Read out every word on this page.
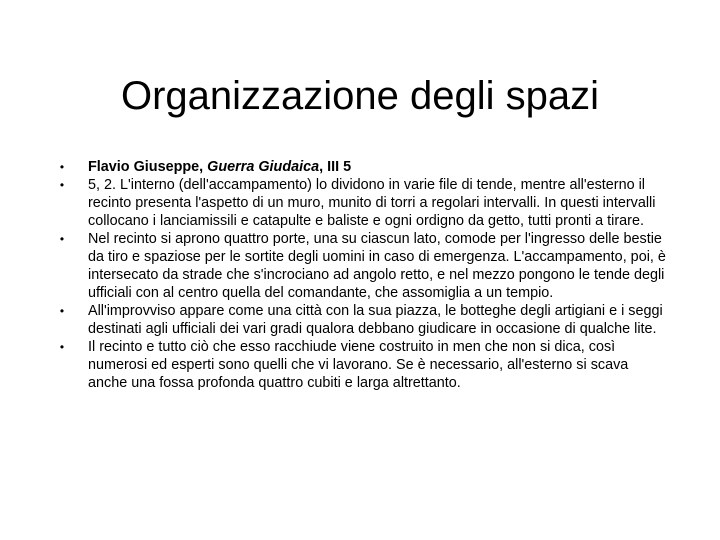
Organizzazione degli spazi
• Flavio Giuseppe, Guerra Giudaica, III 5
• 5, 2. L'interno (dell'accampamento) lo dividono in varie file di tende, mentre all'esterno il recinto presenta l'aspetto di un muro, munito di torri a regolari intervalli. In questi intervalli collocano i lanciamissili e catapulte e baliste e ogni ordigno da getto, tutti pronti a tirare.
• Nel recinto si aprono quattro porte, una su ciascun lato, comode per l'ingresso delle bestie da tiro e spaziose per le sortite degli uomini in caso di emergenza. L'accampamento, poi, è intersecato da strade che s'incrociano ad angolo retto, e nel mezzo pongono le tende degli ufficiali con al centro quella del comandante, che assomiglia a un tempio.
• All'improvviso appare come una città con la sua piazza, le botteghe degli artigiani e i seggi destinati agli ufficiali dei vari gradi qualora debbano giudicare in occasione di qualche lite.
• Il recinto e tutto ciò che esso racchiude viene costruito in men che non si dica, così numerosi ed esperti sono quelli che vi lavorano. Se è necessario, all'esterno si scava anche una fossa profonda quattro cubiti e larga altrettanto.
